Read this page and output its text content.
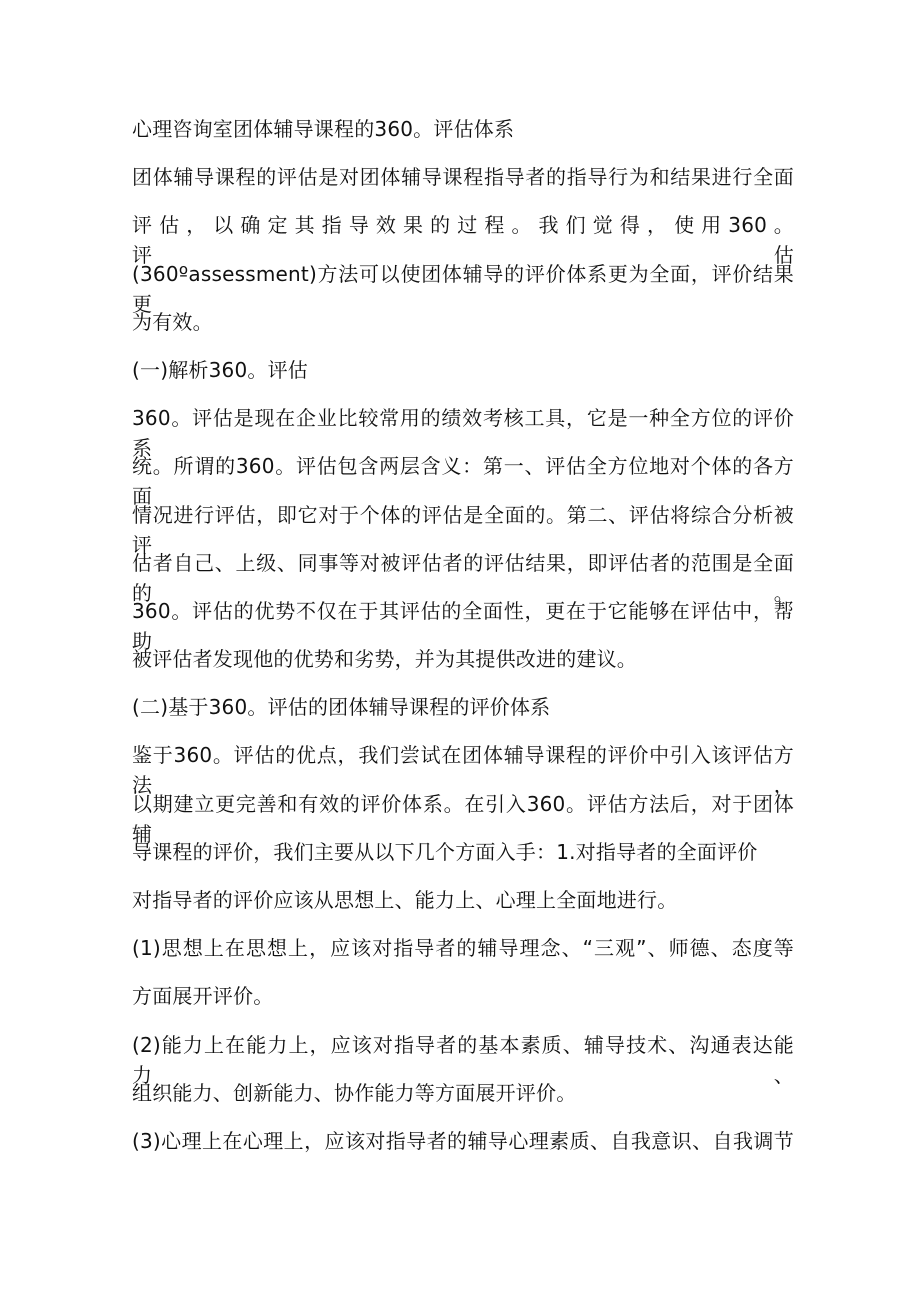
心理咨询室团体辅导课程的360。评估体系
团体辅导课程的评估是对团体辅导课程指导者的指导行为和结果进行全面
评 估 ， 以 确 定 其 指 导 效 果 的 过 程 。 我 们 觉 得 ， 使 用 360 。 评 估
(360ºassessment)方法可以使团体辅导的评价体系更为全面，评价结果更
为有效。
(一)解析360。评估
360。评估是现在企业比较常用的绩效考核工具，它是一种全方位的评价系
统。所谓的360。评估包含两层含义：第一、评估全方位地对个体的各方面
情况进行评估，即它对于个体的评估是全面的。第二、评估将综合分析被评
估者自己、上级、同事等对被评估者的评估结果，即评估者的范围是全面的。
360。评估的优势不仅在于其评估的全面性，更在于它能够在评估中，帮助
被评估者发现他的优势和劣势，并为其提供改进的建议。
(二)基于360。评估的团体辅导课程的评价体系
鉴于360。评估的优点，我们尝试在团体辅导课程的评价中引入该评估方法，
以期建立更完善和有效的评价体系。在引入360。评估方法后，对于团体辅
导课程的评价，我们主要从以下几个方面入手：1.对指导者的全面评价
对指导者的评价应该从思想上、能力上、心理上全面地进行。
(1)思想上在思想上，应该对指导者的辅导理念、“三观”、师德、态度等
方面展开评价。
(2)能力上在能力上，应该对指导者的基本素质、辅导技术、沟通表达能力、
组织能力、创新能力、协作能力等方面展开评价。
(3)心理上在心理上，应该对指导者的辅导心理素质、自我意识、自我调节
